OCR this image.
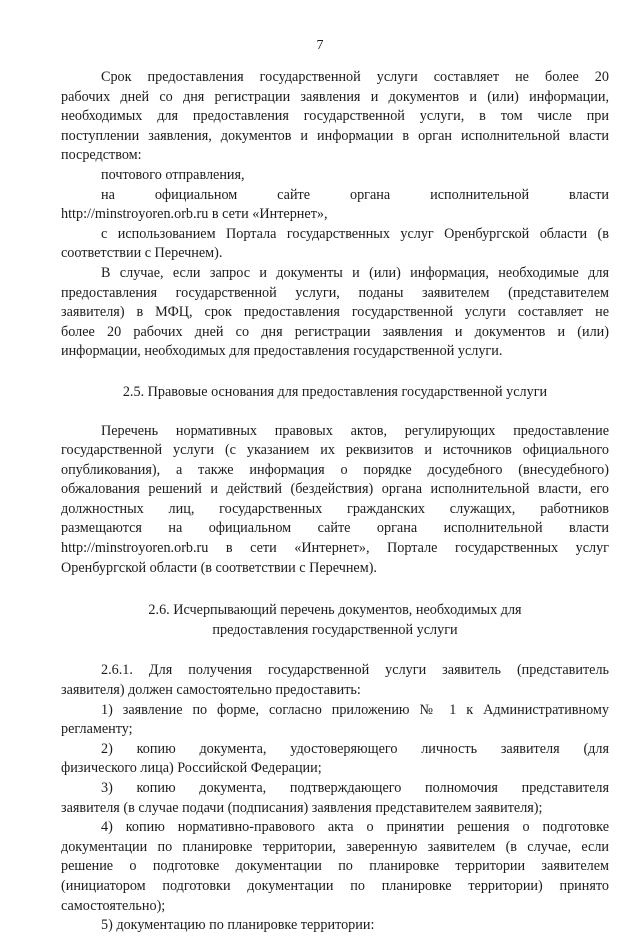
7

Срок предоставления государственной услуги составляет не более 20

рабочих дней со дня регистрации заявления и документов и (или) информации,

необходимых для предоставления государственной услуги, в том числе при

поступлении заявления, документов и информации в орган исполнительной власти

посредством:

почтового отправления,

на официальном сайте органа исполнительной власти

http://minstroyoren.orb.ru в сети «Интернет»,

с использованием Портала государственных услуг Оренбургской области (в

соответствии с Перечнем).

В случае, если запрос и документы и (или) информация, необходимые для

предоставления государственной услуги, поданы заявителем (представителем

заявителя) в МФЦ, срок предоставления государственной услуги составляет не

более 20 рабочих дней со дня регистрации заявления и документов и (или)

информации, необходимых для предоставления государственной услуги.

2.5. Правовые основания для предоставления государственной услуги

Перечень нормативных правовых актов, регулирующих предоставление

государственной услуги (с указанием их реквизитов и источников официального

опубликования), а также информация о порядке досудебного (внесудебного)

обжалования решений и действий (бездействия) органа исполнительной власти, его

должностных лиц, государственных гражданских служащих, работников

размещаются на официальном сайте органа исполнительной власти

http://minstroyoren.orb.ru в сети «Интернет», Портале государственных услуг

Оренбургской области (в соответствии с Перечнем).

2.6. Исчерпывающий перечень документов, необходимых для

предоставления государственной услуги

2.6.1. Для получения государственной услуги заявитель (представитель

заявителя) должен самостоятельно предоставить:

1) заявление по форме, согласно приложению № 1 к Административному

регламенту;

2) копию документа, удостоверяющего личность заявителя (для

физического лица) Российской Федерации;

3) копию документа, подтверждающего полномочия представителя

заявителя (в случае подачи (подписания) заявления представителем заявителя);

4) копию нормативно-правового акта о принятии решения о подготовке

документации по планировке территории, заверенную заявителем (в случае, если

решение о подготовке документации по планировке территории заявителем

(инициатором подготовки документации по планировке территории) принято

самостоятельно);

5) документацию по планировке территории:
